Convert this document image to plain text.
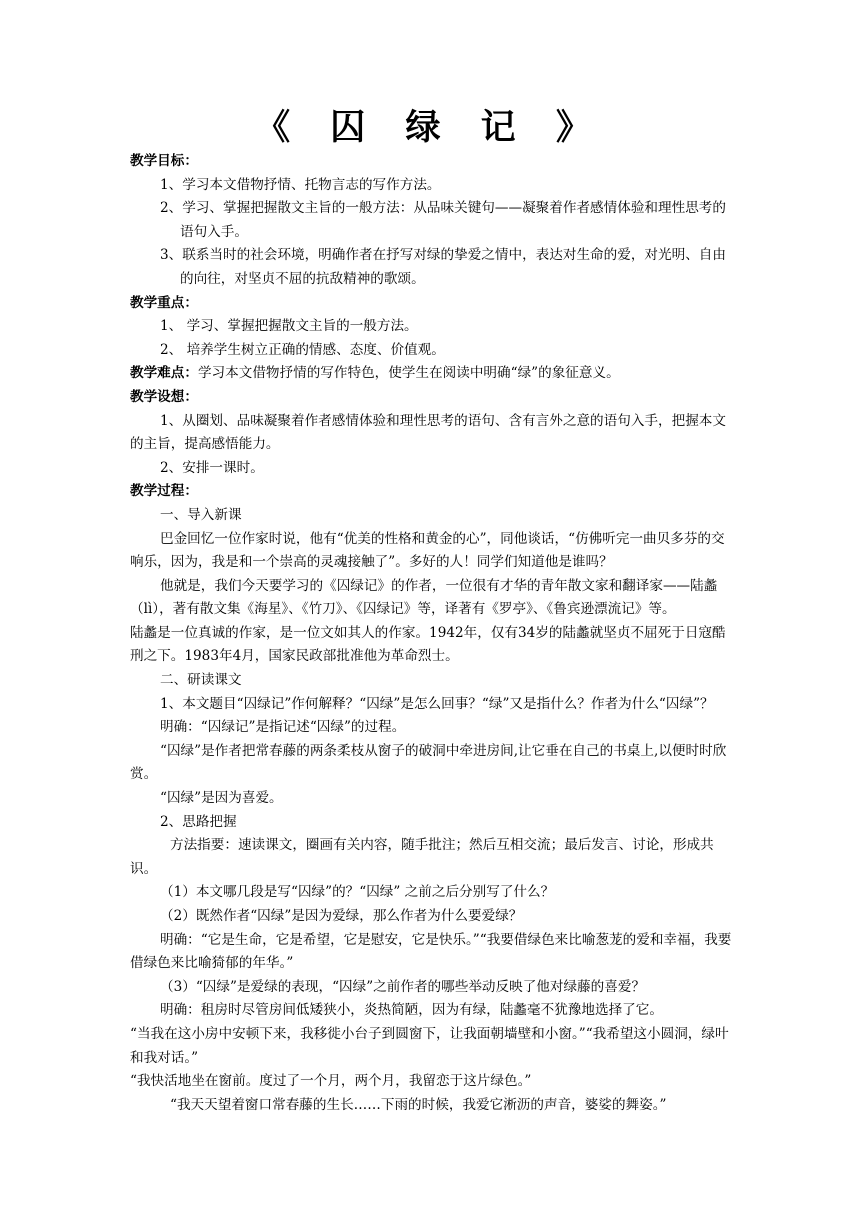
《 囚 绿 记 》

教学目标：

1、学习本文借物抒情、托物言志的写作方法。

2、学习、掌握把握散文主旨的一般方法：从品味关键句——凝聚着作者感情体验和理性思考的语句入手。

3、联系当时的社会环境，明确作者在抒写对绿的挚爱之情中，表达对生命的爱，对光明、自由的向往，对坚贞不屈的抗敌精神的歌颂。

教学重点：

1、 学习、掌握把握散文主旨的一般方法。

2、 培养学生树立正确的情感、态度、价值观。

教学难点：学习本文借物抒情的写作特色，使学生在阅读中明确“绿”的象征意义。

教学设想：

1、从圈划、品味凝聚着作者感情体验和理性思考的语句、含有言外之意的语句入手，把握本文的主旨，提高感悟能力。

2、安排一课时。

教学过程：

一、导入新课

巴金回忆一位作家时说，他有“优美的性格和黄金的心”，同他谈话，“仿佛听完一曲贝多芬的交响乐，因为，我是和一个崇高的灵魂接触了”。多好的人！同学们知道他是谁吗？

他就是，我们今天要学习的《囚绿记》的作者，一位很有才华的青年散文家和翻译家——陆蠡（lì），著有散文集《海星》、《竹刀》、《囚绿记》等，译著有《罗亭》、《鲁宾逊漂流记》等。　　　　　陆蠡是一位真诚的作家，是一位文如其人的作家。1942年，仅有34岁的陆蠡就坚贞不屈死于日寇酷刑之下。1983年4月，国家民政部批准他为革命烈士。

二、研读课文

1、本文题目“囚绿记”作何解释？“囚绿”是怎么回事？“绿”又是指什么？作者为什么“囚绿”？

明确：“囚绿记”是指记述“囚绿”的过程。

“囚绿”是作者把常春藤的两条柔枝从窗子的破洞中牵进房间,让它垂在自己的书桌上,以便时时欣赏。

“囚绿”是因为喜爱。

2、思路把握

方法指要：速读课文，圈画有关内容，随手批注；然后互相交流；最后发言、讨论，形成共识。

（1）本文哪几段是写“囚绿”的？“囚绿” 之前之后分别写了什么？

（2）既然作者“囚绿”是因为爱绿，那么作者为什么要爱绿？

明确：“它是生命，它是希望，它是慰安，它是快乐。”“我要借绿色来比喻葱茏的爱和幸福，我要借绿色来比喻猗郁的年华。”

（3）“囚绿”是爱绿的表现，“囚绿”之前作者的哪些举动反映了他对绿藤的喜爱？

明确：租房时尽管房间低矮狭小，炎热简陋，因为有绿，陆蠡毫不犹豫地选择了它。

“当我在这小房中安顿下来，我移徙小台子到圆窗下，让我面朝墙壁和小窗。”“我希望这小圆洞，绿叶和我对话。”

“我快活地坐在窗前。度过了一个月，两个月，我留恋于这片绿色。”

“我天天望着窗口常春藤的生长……下雨的时候，我爱它淅沥的声音，婆娑的舞姿。”
